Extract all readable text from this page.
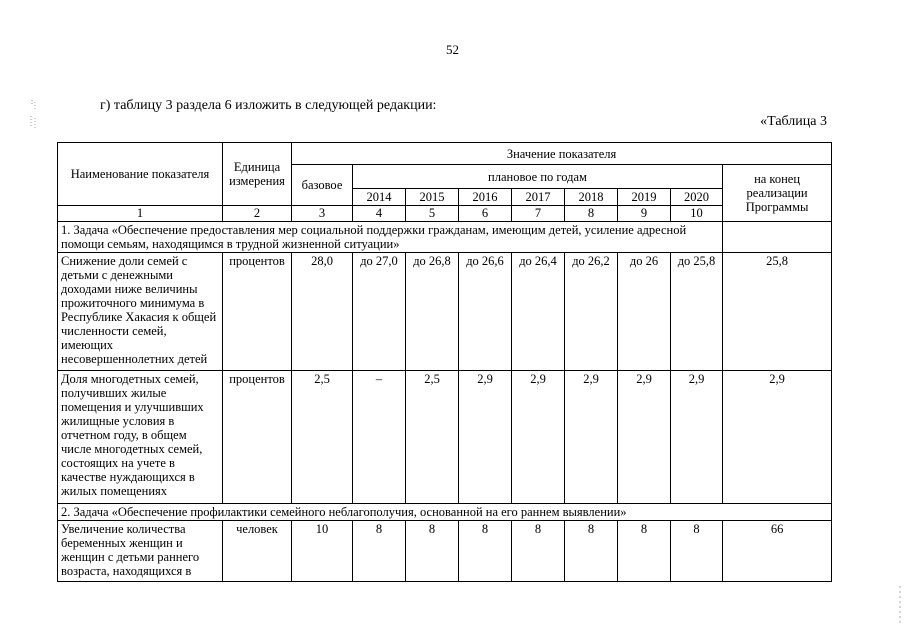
52
г) таблицу 3 раздела 6 изложить в следующей редакции:
«Таблица 3
Наименование показателя	Единица измерения	Значение показателя								
		базовое	плановое по годам							на конец реализации Программы
			2014	2015	2016	2017	2018	2019	2020	
1	2	3	4	5	6	7	8	9	10	
1. Задача «Обеспечение предоставления мер социальной поддержки гражданам, имеющим детей, усиление адресной помощи семьям, находящимся в трудной жизненной ситуации»										
Снижение доли семей с детьми с денежными доходами ниже величины прожиточного минимума в Республике Хакасия к общей численности семей, имеющих несовершеннолетних детей	процентов	28,0	до 27,0	до 26,8	до 26,6	до 26,4	до 26,2	до 26	до 25,8	25,8
Доля многодетных семей, получивших жилые помещения и улучшивших жилищные условия в отчетном году, в общем числе многодетных семей, состоящих на учете в качестве нуждающихся в жилых помещениях	процентов	2,5	–	2,5	2,9	2,9	2,9	2,9	2,9	2,9
2. Задача «Обеспечение профилактики семейного неблагополучия, основанной на его раннем выявлении»										
Увеличение количества беременных женщин и женщин с детьми раннего возраста, находящихся в	человек	10	8	8	8	8	8	8	8	66
